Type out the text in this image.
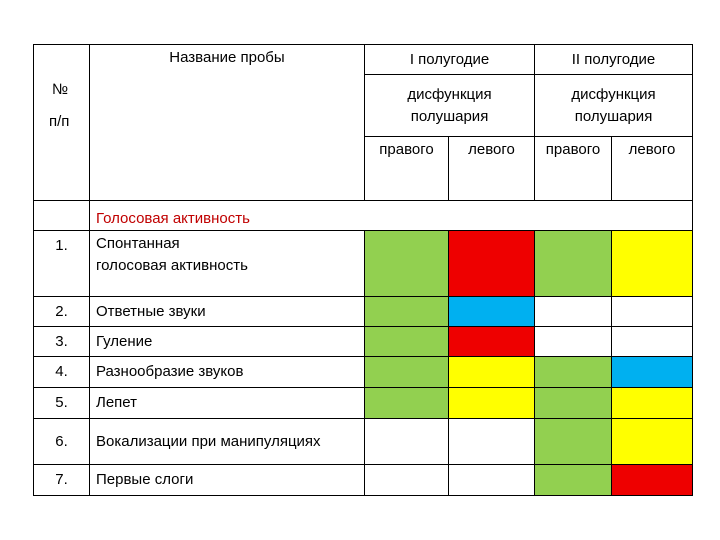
№
п/п	Название пробы	I полугодие		II полугодие	
		дисфункция полушария		дисфункция полушария	
		правого	левого	правого	левого
	Голосовая активность				
1.	Спонтанная голосовая активность				
2.	Ответные звуки				
3.	Гуление				
4.	Разнообразие звуков				
5.	Лепет				
6.	Вокализации при манипуляциях				
7.	Первые слоги				
